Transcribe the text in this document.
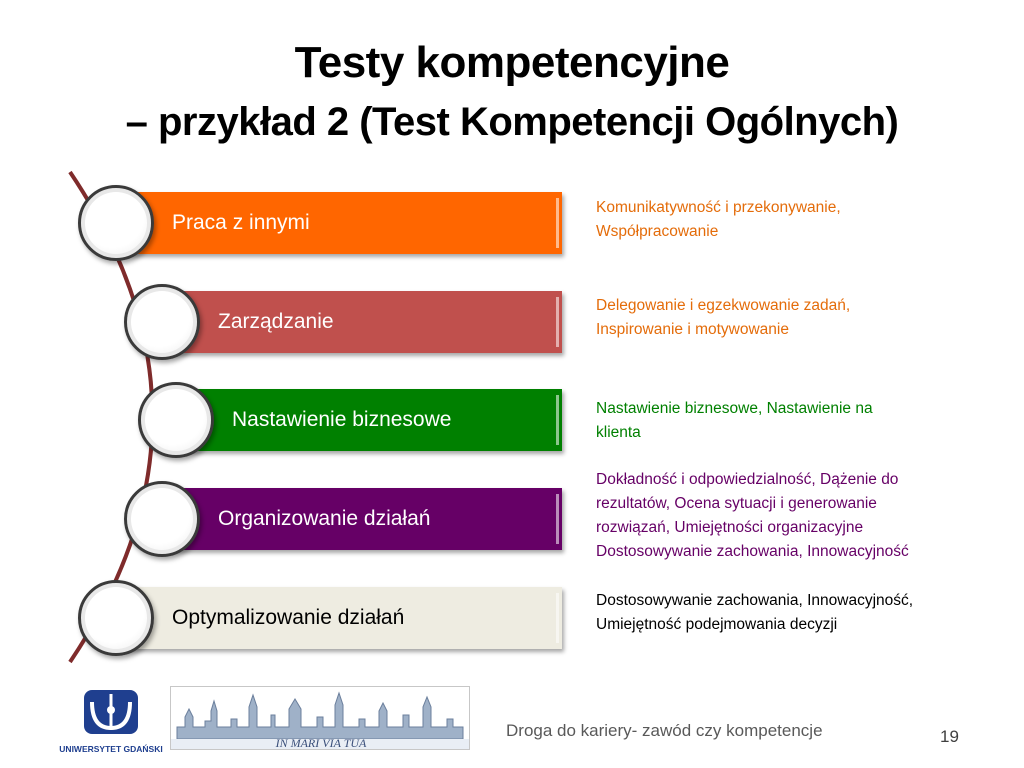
Testy kompetencyjne
– przykład 2 (Test Kompetencji Ogólnych)
Praca z innymi
Zarządzanie
Nastawienie biznesowe
Organizowanie działań
Optymalizowanie działań
Komunikatywność i przekonywanie,
Współpracowanie
Delegowanie i egzekwowanie zadań,
Inspirowanie i motywowanie
Nastawienie biznesowe, Nastawienie na
klienta
Dokładność i odpowiedzialność, Dążenie do
rezultatów, Ocena sytuacji i generowanie
rozwiązań, Umiejętności organizacyjne
Dostosowywanie zachowania, Innowacyjność
Dostosowywanie zachowania, Innowacyjność,
Umiejętność podejmowania decyzji
UNIWERSYTET GDAŃSKI	IN MARI VIA TUA
Droga do kariery- zawód czy kompetencje	19
